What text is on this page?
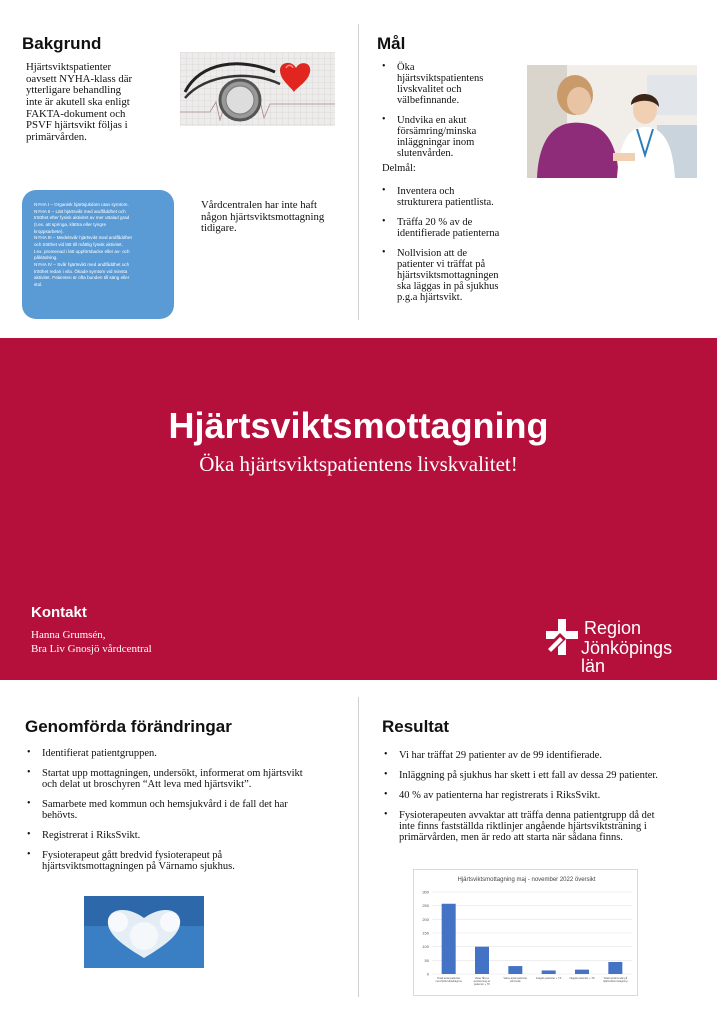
Bakgrund
Hjärtsviktspatienter
oavsett NYHA-klass där
ytterligare behandling
inte är akutell ska enligt
FAKTA-dokument och
PSVF hjärtsvikt följas i
primärvården.
NYHA I – Organisk hjärtsjukdom utan symtom.
NYHA II – Lätt hjärtsvikt med andfåddhet och
trötthet efter fysisk aktivitet av mer uttalad grad
(t.ex. att springa, klättra eller tyngre
kroppsarbete).
NYHA III – Medelsvår hjärtsvikt med andfåddhet
och trötthet vid lätt till måttlig fysisk aktivitet,
t.ex. promenad i lätt uppförsbacke eller av- och
påklädning.
NYHA IV – Svår hjärtsvikt med andfåddhet och
trötthet redan i vila. Ökade symtom vid minsta
aktivitet. Patienten är ofta bunden till säng eller
stol.
Vårdcentralen har inte haft
någon hjärtsviktsmottagning
tidigare.
Mål
• Öka
hjärtsviktspatientens
livskvalitet och
välbefinnande.
• Undvika en akut
försämring/minska
inläggningar inom
slutenvården.
Delmål:
• Inventera och
strukturera patientlista.
• Träffa 20 % av de
identifierade patienterna
• Nollvision att de
patienter vi träffat på
hjärtsviktsmottagningen
ska läggas in på sjukhus
p.g.a hjärtsvikt.
Hjärtsviktsmottagning
Öka hjärtsviktspatientens livskvalitet!
Kontakt
Hanna Grumsén,
Bra Liv Gnosjö vårdcentral
Region
Jönköpings län
Genomförda förändringar
• Identifierat patientgruppen.
• Startat upp mottagningen, undersökt, informerat om hjärtsvikt
och delat ut broschyren “Att leva med hjärtsvikt”.
• Samarbete med kommun och hemsjukvård i de fall det har
behövts.
• Registrerat i RiksSvikt.
• Fysioterapeut gått bredvid fysioterapeut på
hjärtsviktsmottagningen på Värnamo sjukhus.
Resultat
• Vi har träffat 29 patienter av de 99 identifierade.
• Inläggning på sjukhus har skett i ett fall av dessa 29 patienter.
• 40 % av patienterna har registrerats i RiksSvikt.
• Fysioterapeuten avvaktar att träffa denna patientgrupp då det
inte finns fastställda riktlinjer angående hjärtsviktsträning i
primärvården, men är redo att starta när sådana finns.
Hjärtsviktsmottagning maj - november 2022 översikt
0
50
100
150
200
250
300
Totalt antal patienter med hjärtsviktsdiagnos
Varav fått en avstämning av patienter + TK
Varav antal patienter på besök
Inlagda patienter + TK	Inlagda patienter + TK	Totalt antal besök på hjärtsviktsmottagning
